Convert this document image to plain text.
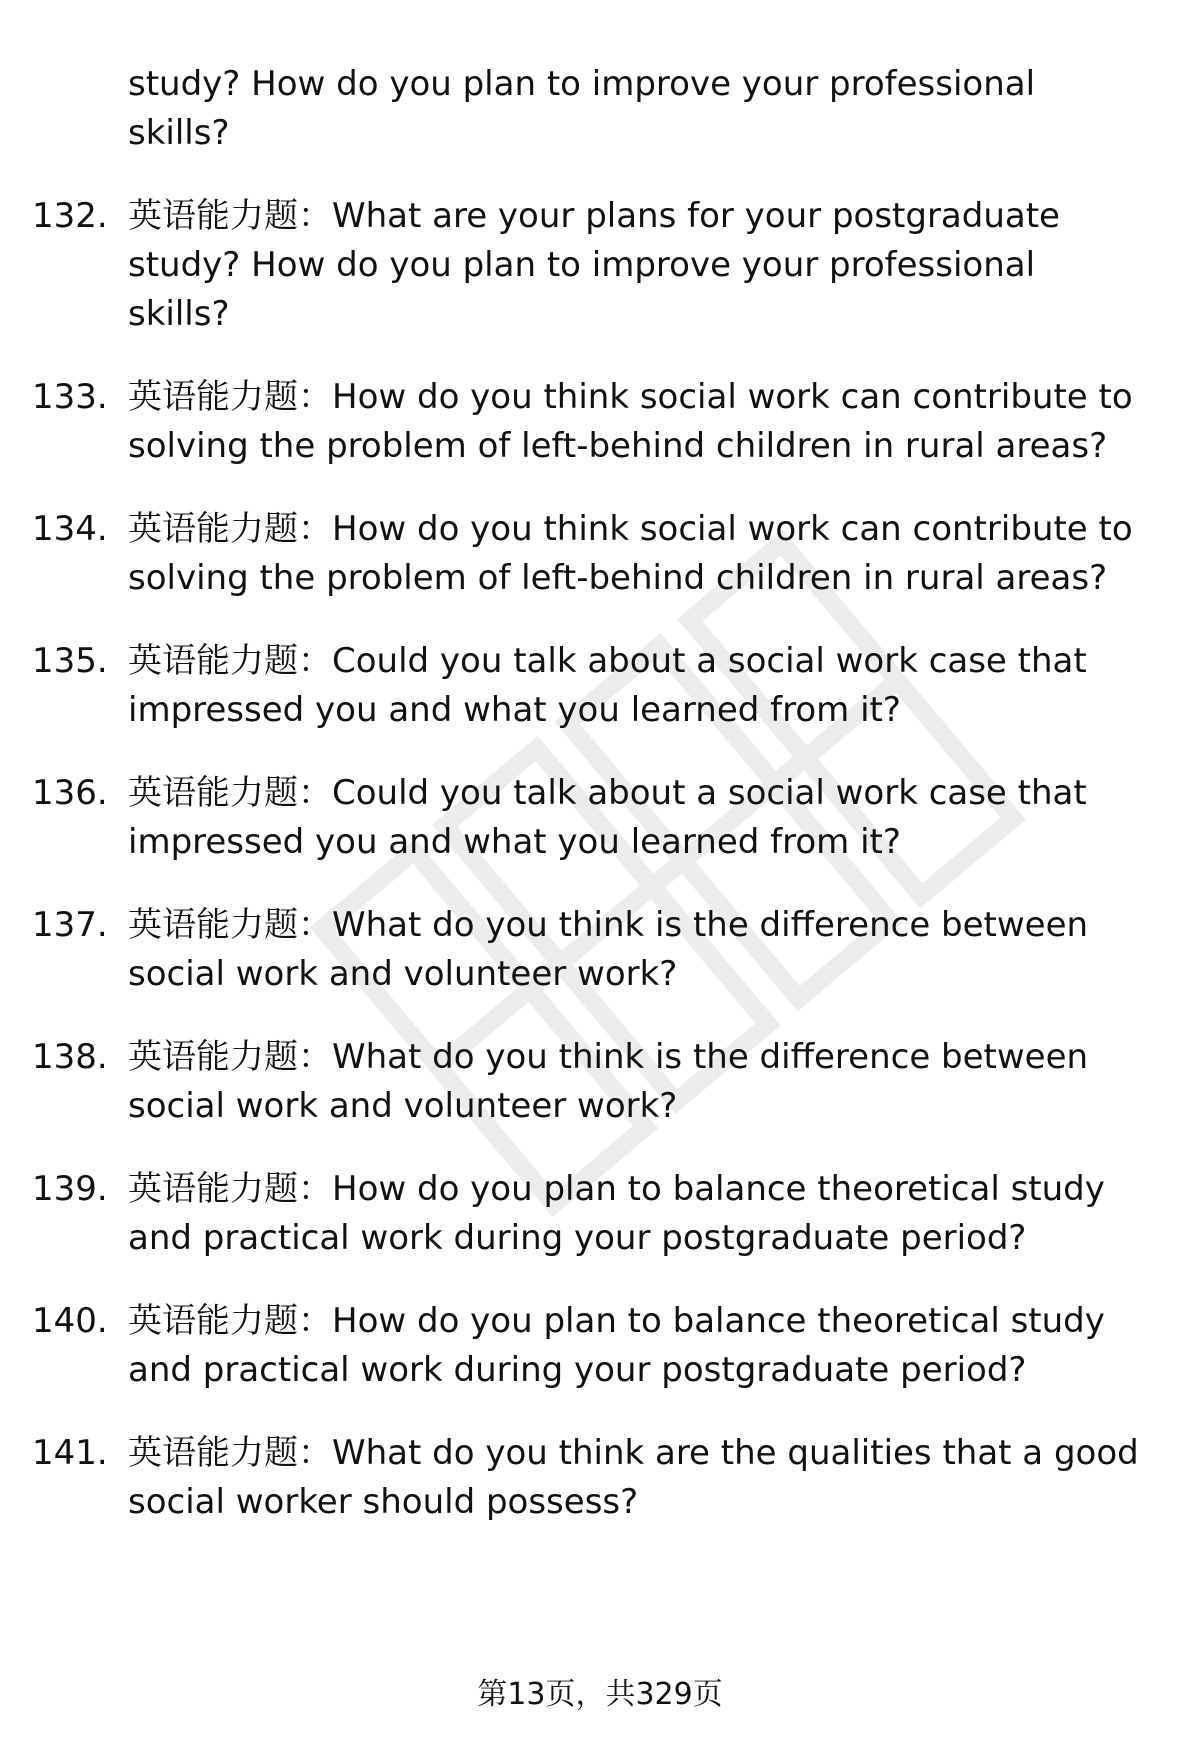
study? How do you plan to improve your professional skills?
132. 英语能力题：What are your plans for your postgraduate study? How do you plan to improve your professional skills?
133. 英语能力题：How do you think social work can contribute to solving the problem of left-behind children in rural areas?
134. 英语能力题：How do you think social work can contribute to solving the problem of left-behind children in rural areas?
135. 英语能力题：Could you talk about a social work case that impressed you and what you learned from it?
136. 英语能力题：Could you talk about a social work case that impressed you and what you learned from it?
137. 英语能力题：What do you think is the difference between social work and volunteer work?
138. 英语能力题：What do you think is the difference between social work and volunteer work?
139. 英语能力题：How do you plan to balance theoretical study and practical work during your postgraduate period?
140. 英语能力题：How do you plan to balance theoretical study and practical work during your postgraduate period?
141. 英语能力题：What do you think are the qualities that a good social worker should possess?
第13页，共329页
